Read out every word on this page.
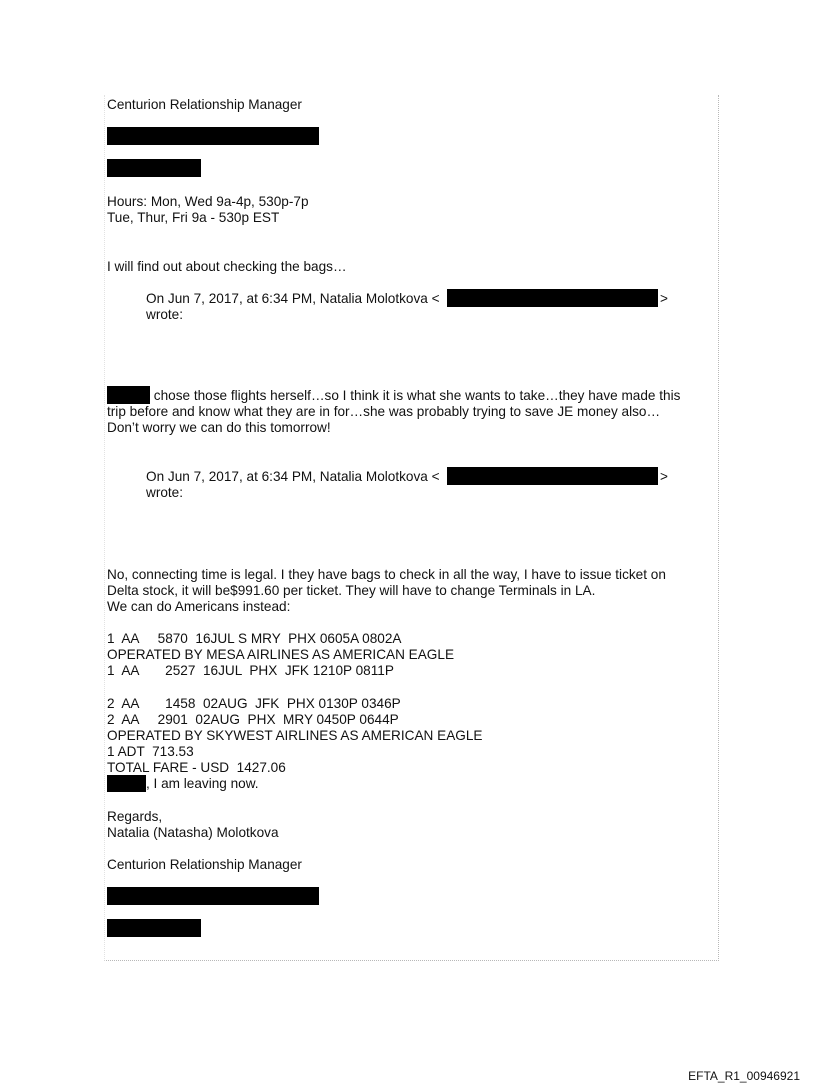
Centurion Relationship Manager

Hours: Mon, Wed 9a-4p, 530p-7p

Tue, Thur, Fri 9a - 530p EST

I will find out about checking the bags…

On Jun 7, 2017, at 6:34 PM, Natalia Molotkova <	>

wrote:

chose those flights herself…so I think it is what she wants to take…they have made this

trip before and know what they are in for…she was probably trying to save JE money also…

Don’t worry we can do this tomorrow!

On Jun 7, 2017, at 6:34 PM, Natalia Molotkova <	>

wrote:

No, connecting time is legal. I they have bags to check in all the way, I have to issue ticket on

Delta stock, it will be$991.60 per ticket. They will have to change Terminals in LA.

We can do Americans instead:

1  AA     5870  16JUL S MRY  PHX 0605A 0802A

OPERATED BY MESA AIRLINES AS AMERICAN EAGLE

1  AA       2527  16JUL  PHX  JFK 1210P 0811P

2  AA       1458  02AUG  JFK  PHX 0130P 0346P

2  AA     2901  02AUG  PHX  MRY 0450P 0644P

OPERATED BY SKYWEST AIRLINES AS AMERICAN EAGLE

1 ADT  713.53

TOTAL FARE - USD  1427.06

, I am leaving now.

Regards,

Natalia (Natasha) Molotkova

Centurion Relationship Manager

EFTA_R1_00946921
